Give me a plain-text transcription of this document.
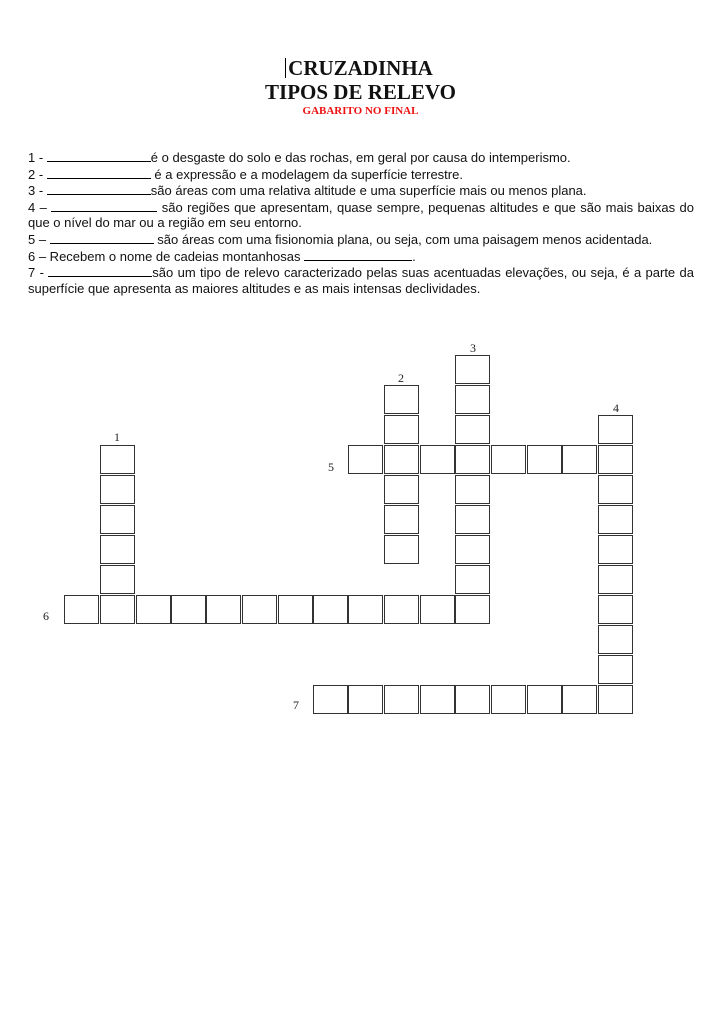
CRUZADINHA
TIPOS DE RELEVO
GABARITO NO FINAL
1 -	é o desgaste do solo e das rochas, em geral por causa do intemperismo.
2 -	é a expressão e a modelagem da superfície terrestre.
3 -	são áreas com uma relativa altitude e uma superfície mais ou menos plana.
4 –	são regiões que apresentam, quase sempre, pequenas altitudes e que são mais baixas do que o nível do mar ou a região em seu entorno.
5 –	são áreas com uma fisionomia plana, ou seja, com uma paisagem menos acidentada.
6 – Recebem o nome de cadeias montanhosas	.
7 -	são um tipo de relevo caracterizado pelas suas acentuadas elevações, ou seja, é a parte da superfície que apresenta as maiores altitudes e as mais intensas declividades.
1
2
3
4
5
6
7
